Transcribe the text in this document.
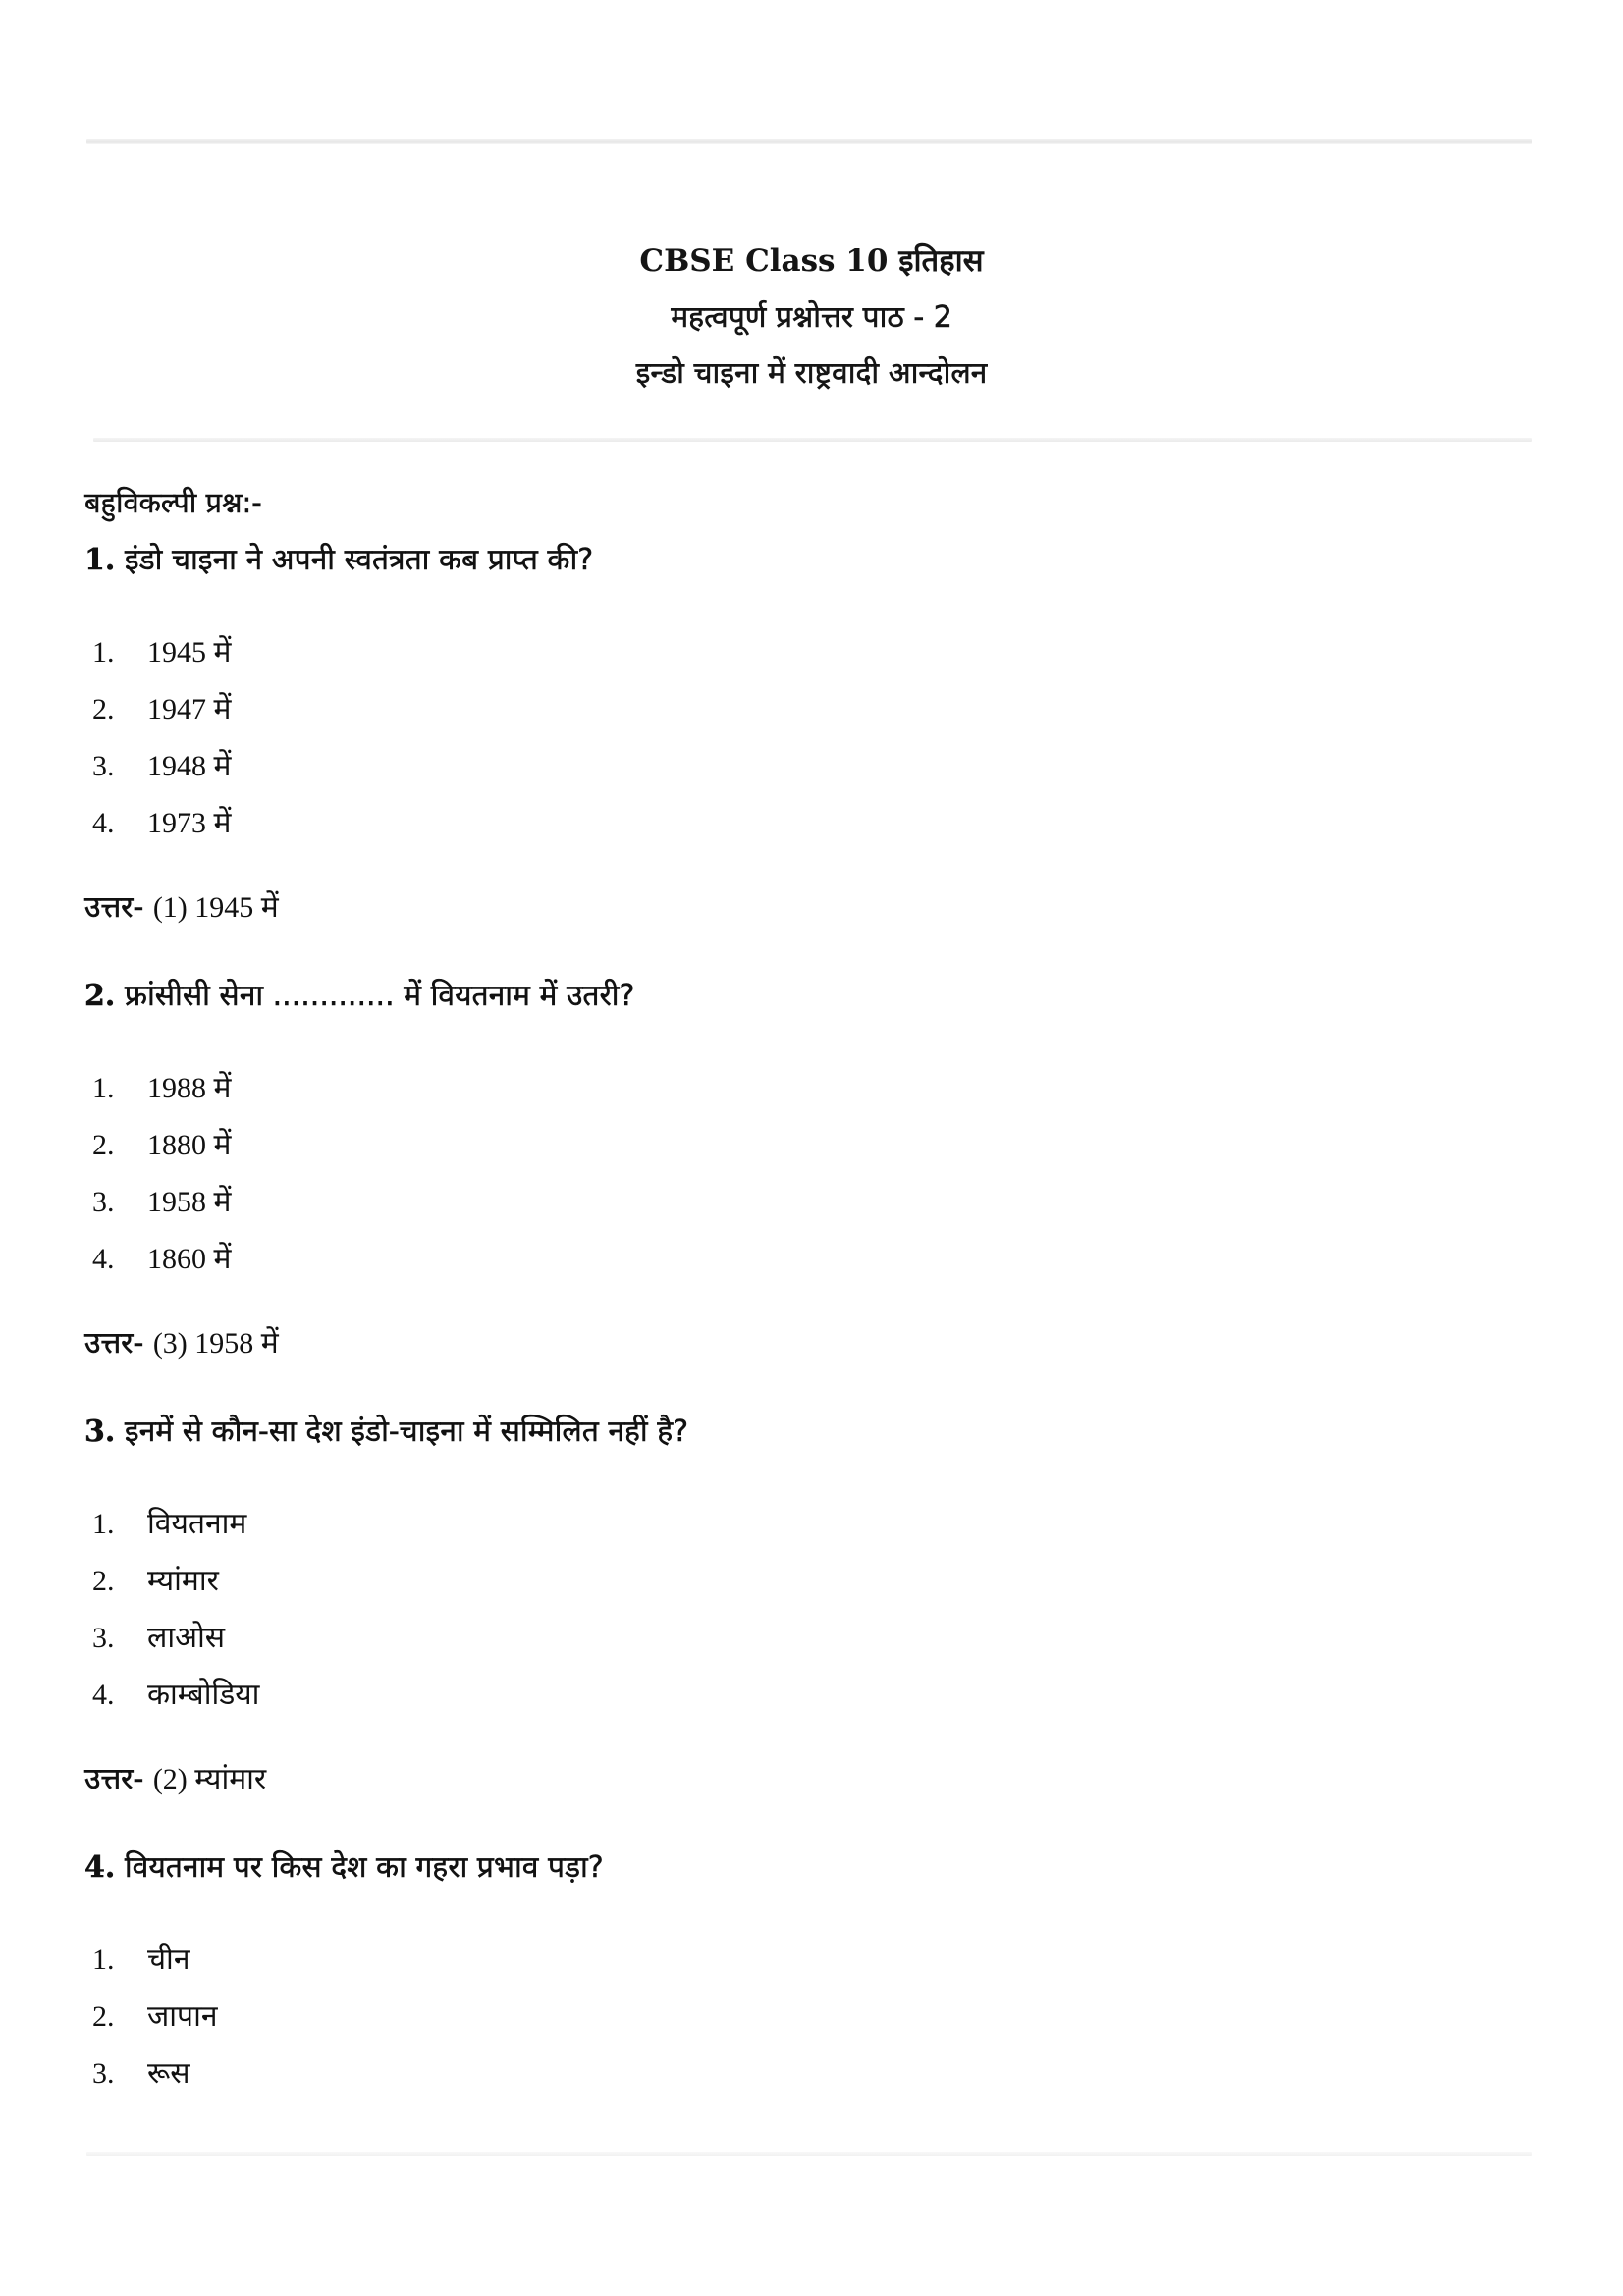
CBSE Class 10 इतिहास
महत्वपूर्ण प्रश्नोत्तर पाठ - 2
इन्डो चाइना में राष्ट्रवादी आन्दोलन

बहुविकल्पी प्रश्न:-

1. इंडो चाइना ने अपनी स्वतंत्रता कब प्राप्त की?

1.	1945 में
2.	1947 में
3.	1948 में
4.	1973 में

उत्तर- (1) 1945 में

2. फ्रांसीसी सेना ............. में वियतनाम में उतरी?

1.	1988 में
2.	1880 में
3.	1958 में
4.	1860 में

उत्तर- (3) 1958 में

3. इनमें से कौन-सा देश इंडो-चाइना में सम्मिलित नहीं है?

1.	वियतनाम
2.	म्यांमार
3.	लाओस
4.	काम्बोडिया

उत्तर- (2) म्यांमार

4. वियतनाम पर किस देश का गहरा प्रभाव पड़ा?

1.	चीन
2.	जापान
3.	रूस
